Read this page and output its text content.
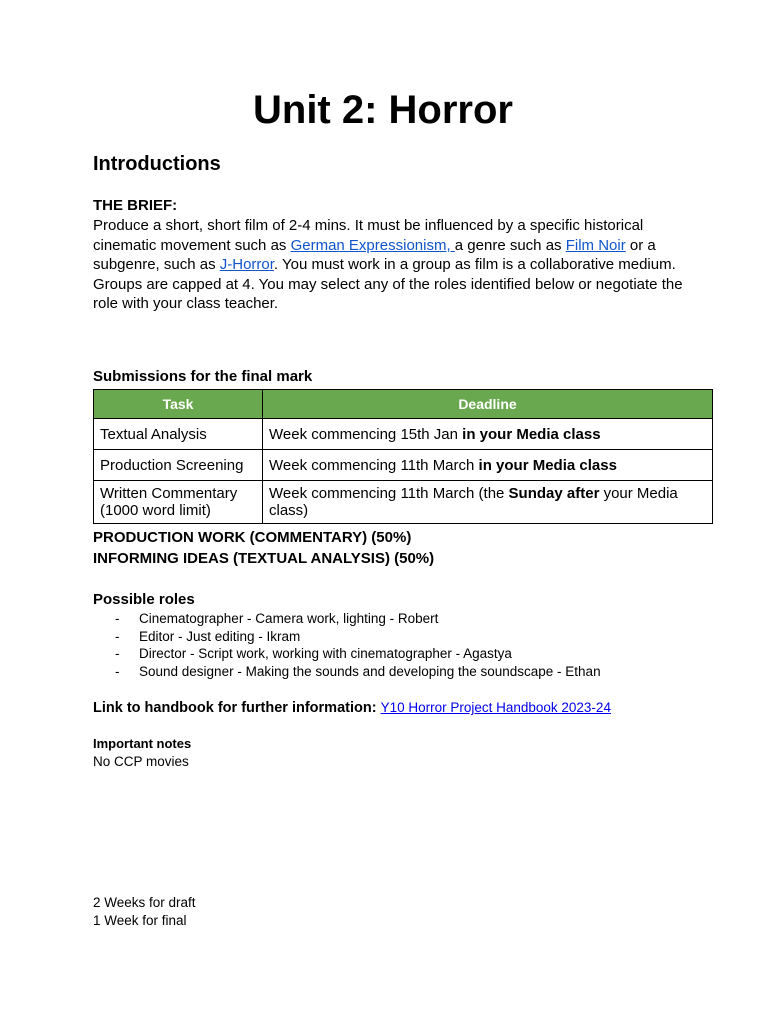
Unit 2: Horror
Introductions
THE BRIEF:
Produce a short, short film of 2-4 mins. It must be influenced by a specific historical cinematic movement such as German Expressionism, a genre such as Film Noir or a subgenre, such as J-Horror. You must work in a group as film is a collaborative medium. Groups are capped at 4. You may select any of the roles identified below or negotiate the role with your class teacher.
Submissions for the final mark
Task	Deadline
Textual Analysis	Week commencing 15th Jan in your Media class
Production Screening	Week commencing 11th March in your Media class
Written Commentary (1000 word limit)	Week commencing 11th March (the Sunday after your Media class)
PRODUCTION WORK (COMMENTARY) (50%)
INFORMING IDEAS (TEXTUAL ANALYSIS) (50%)
Possible roles
- Cinematographer - Camera work, lighting - Robert
- Editor - Just editing - Ikram
- Director - Script work, working with cinematographer - Agastya
- Sound designer - Making the sounds and developing the soundscape - Ethan
Link to handbook for further information: Y10 Horror Project Handbook 2023-24
Important notes
No CCP movies
2 Weeks for draft
1 Week for final
